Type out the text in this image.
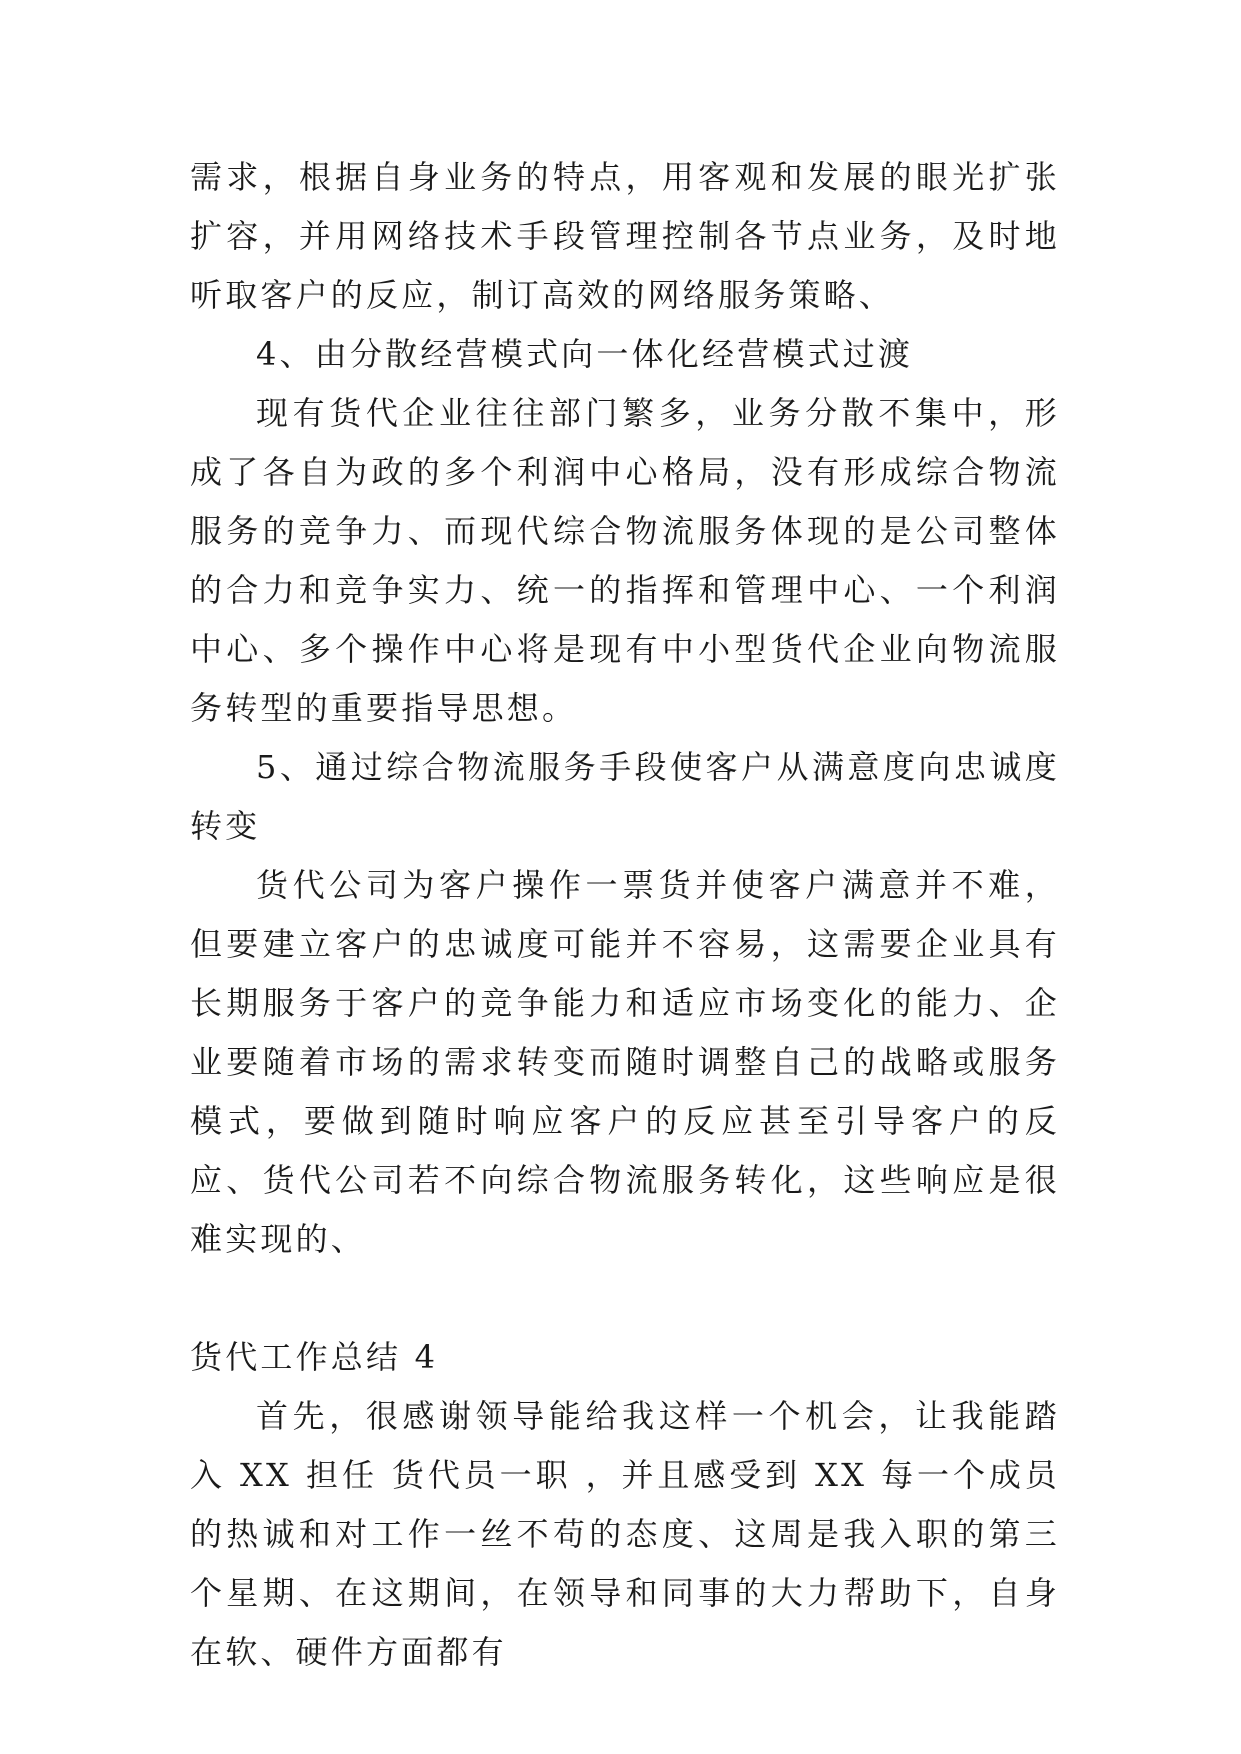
需求，根据自身业务的特点，用客观和发展的眼光扩张扩容，并用网络技术手段管理控制各节点业务，及时地听取客户的反应，制订高效的网络服务策略、

4、由分散经营模式向一体化经营模式过渡

现有货代企业往往部门繁多，业务分散不集中，形成了各自为政的多个利润中心格局，没有形成综合物流服务的竞争力、而现代综合物流服务体现的是公司整体的合力和竞争实力、统一的指挥和管理中心、一个利润中心、多个操作中心将是现有中小型货代企业向物流服务转型的重要指导思想。

5、通过综合物流服务手段使客户从满意度向忠诚度转变

货代公司为客户操作一票货并使客户满意并不难，但要建立客户的忠诚度可能并不容易，这需要企业具有长期服务于客户的竞争能力和适应市场变化的能力、企业要随着市场的需求转变而随时调整自己的战略或服务模式，要做到随时响应客户的反应甚至引导客户的反应、货代公司若不向综合物流服务转化，这些响应是很难实现的、

货代工作总结 4

首先，很感谢领导能给我这样一个机会，让我能踏入 XX 担任 货代员一职 ，并且感受到 XX 每一个成员的热诚和对工作一丝不苟的态度、这周是我入职的第三个星期、在这期间，在领导和同事的大力帮助下，自身在软、硬件方面都有
